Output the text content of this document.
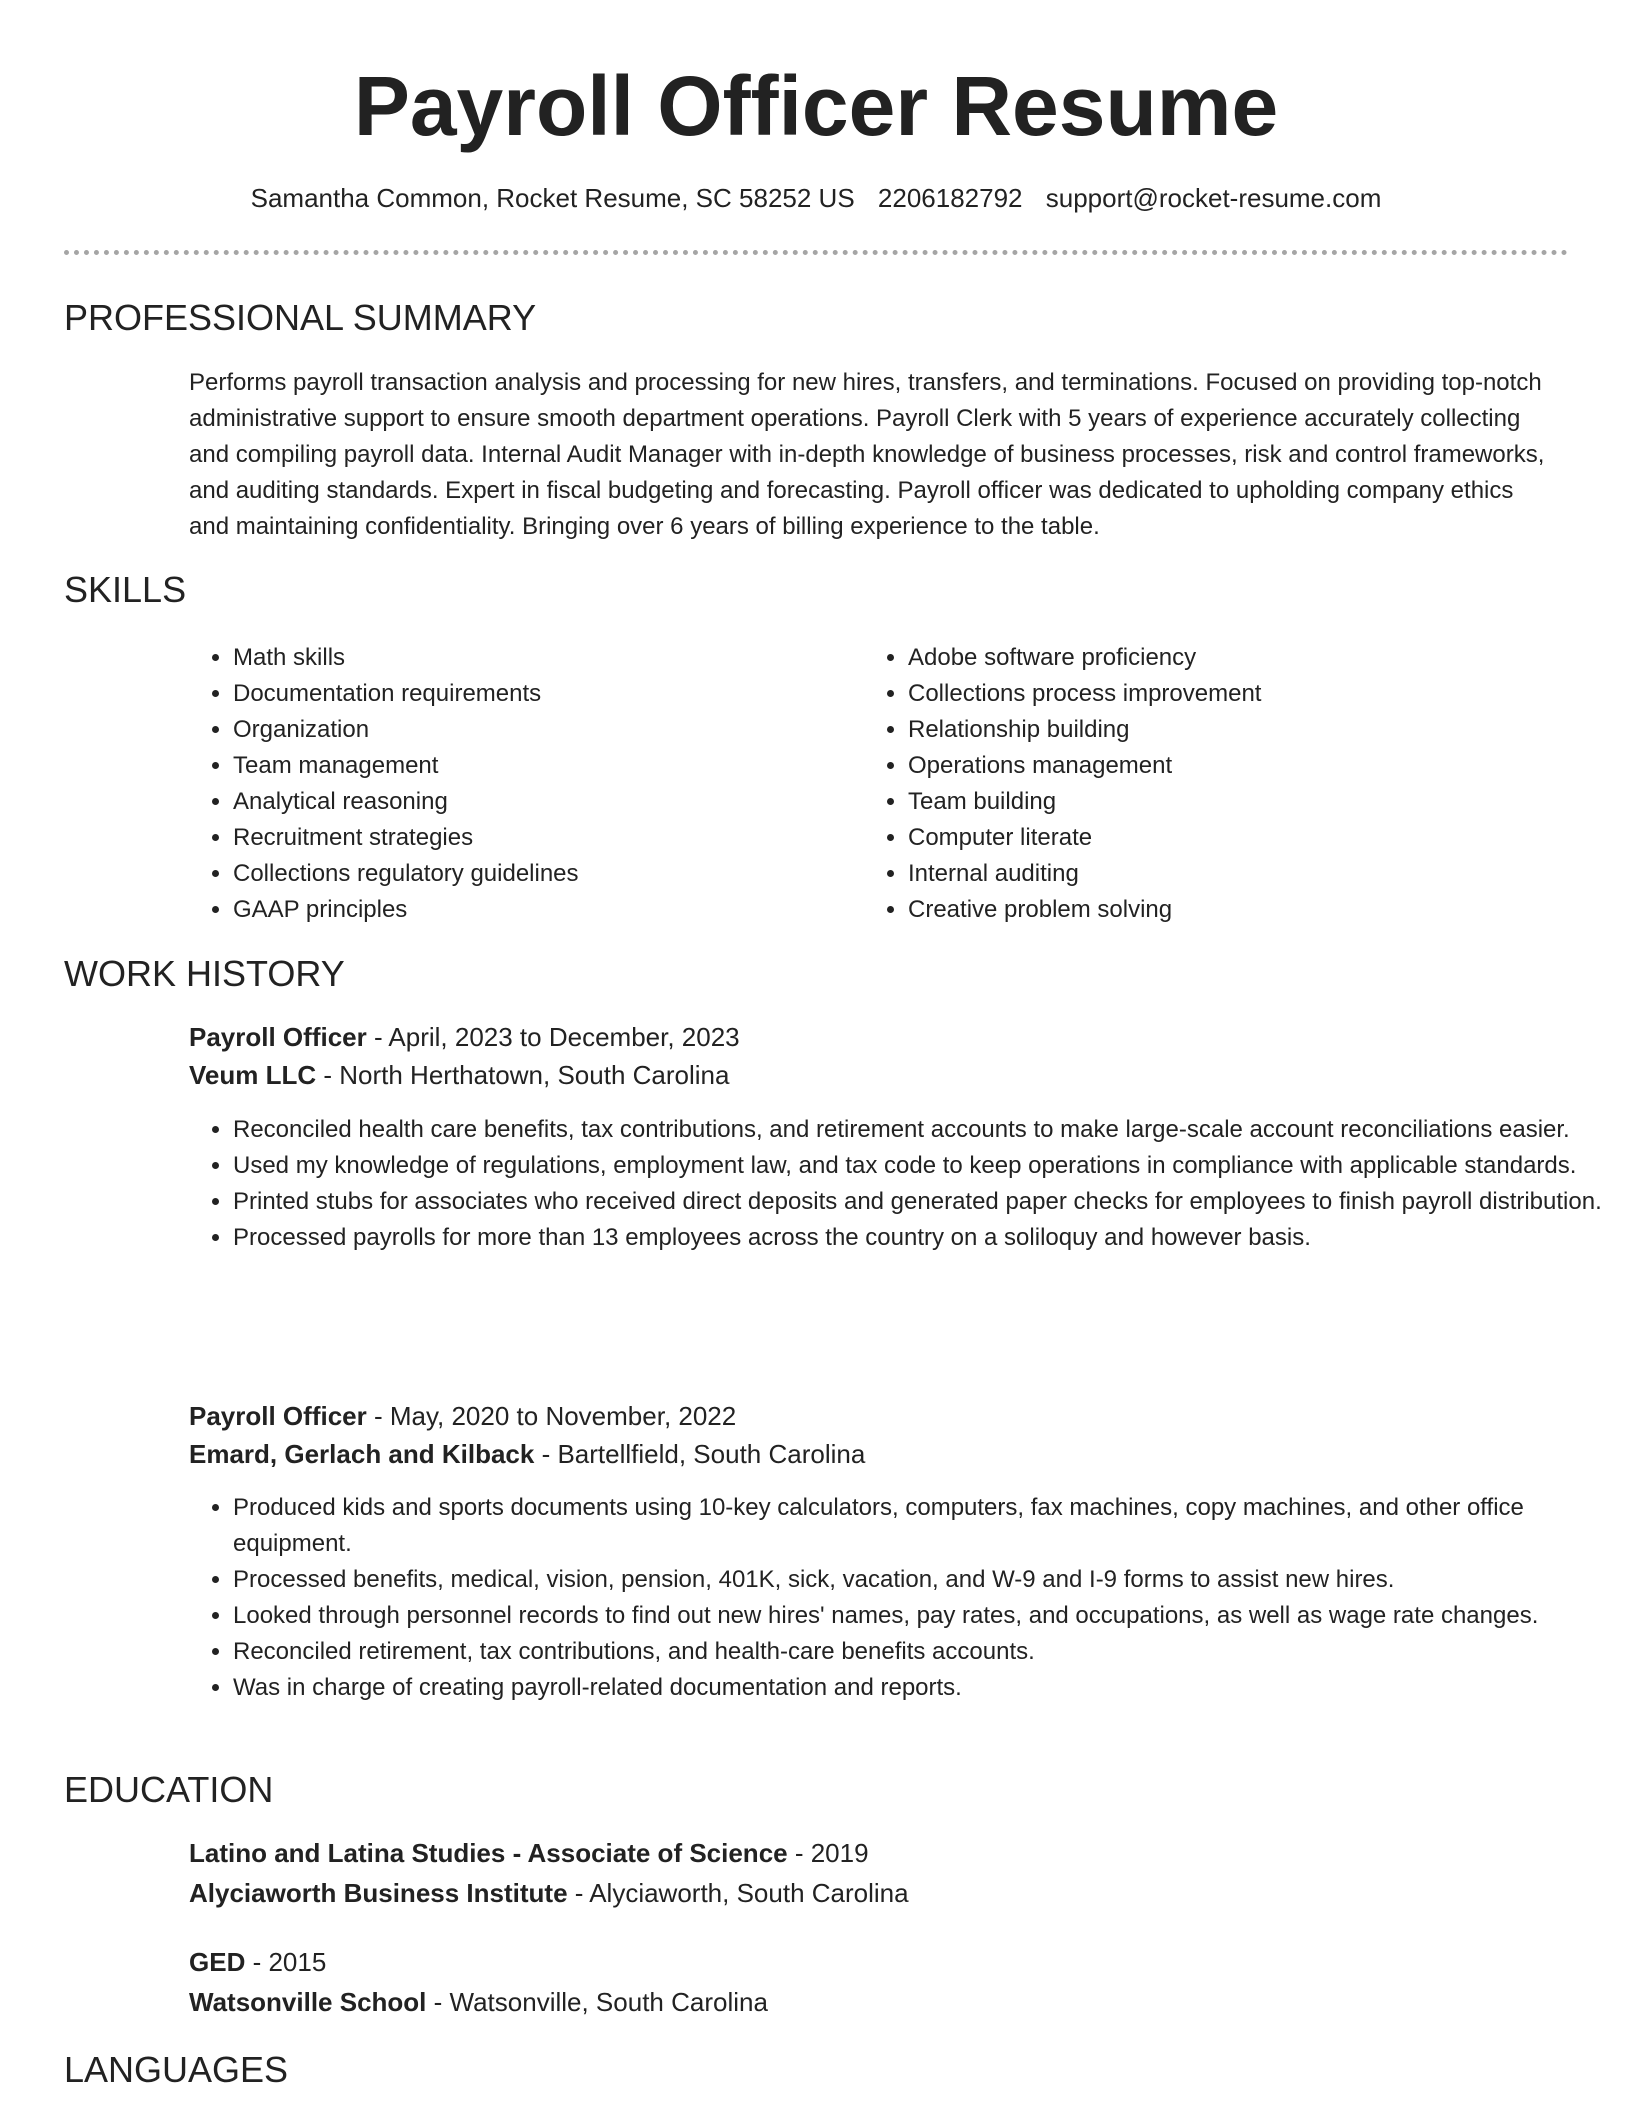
Payroll Officer Resume
Samantha Common, Rocket Resume, SC 58252 US 2206182792 support@rocket-resume.com
PROFESSIONAL SUMMARY

Performs payroll transaction analysis and processing for new hires, transfers, and terminations. Focused on providing top-notch administrative support to ensure smooth department operations. Payroll Clerk with 5 years of experience accurately collecting and compiling payroll data. Internal Audit Manager with in-depth knowledge of business processes, risk and control frameworks, and auditing standards. Expert in fiscal budgeting and forecasting. Payroll officer was dedicated to upholding company ethics and maintaining confidentiality. Bringing over 6 years of billing experience to the table.

SKILLS
• Math skills
• Documentation requirements
• Organization
• Team management
• Analytical reasoning
• Recruitment strategies
• Collections regulatory guidelines
• GAAP principles
• Adobe software proficiency
• Collections process improvement
• Relationship building
• Operations management
• Team building
• Computer literate
• Internal auditing
• Creative problem solving
WORK HISTORY
Payroll Officer - April, 2023 to December, 2023
Veum LLC - North Herthatown, South Carolina
• Reconciled health care benefits, tax contributions, and retirement accounts to make large-scale account reconciliations easier.
• Used my knowledge of regulations, employment law, and tax code to keep operations in compliance with applicable standards.
• Printed stubs for associates who received direct deposits and generated paper checks for employees to finish payroll distribution.
• Processed payrolls for more than 13 employees across the country on a soliloquy and however basis.
Payroll Officer - May, 2020 to November, 2022
Emard, Gerlach and Kilback - Bartellfield, South Carolina
• Produced kids and sports documents using 10-key calculators, computers, fax machines, copy machines, and other office equipment.
• Processed benefits, medical, vision, pension, 401K, sick, vacation, and W-9 and I-9 forms to assist new hires.
• Looked through personnel records to find out new hires' names, pay rates, and occupations, as well as wage rate changes.
• Reconciled retirement, tax contributions, and health-care benefits accounts.
• Was in charge of creating payroll-related documentation and reports.
EDUCATION
Latino and Latina Studies - Associate of Science - 2019
Alyciaworth Business Institute - Alyciaworth, South Carolina
GED - 2015
Watsonville School - Watsonville, South Carolina
LANGUAGES
